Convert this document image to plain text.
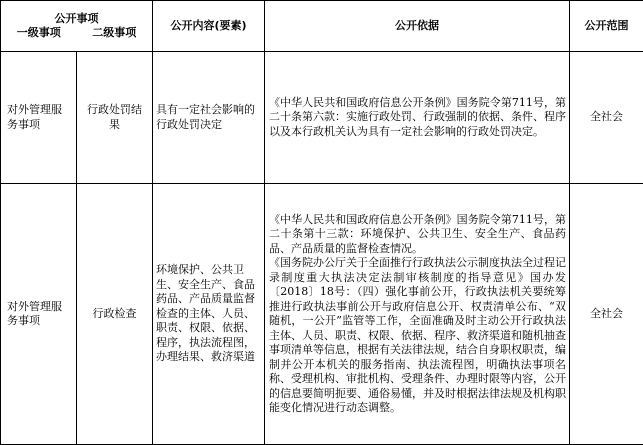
公开事项
一级事项 二级事项		公开内容(要素)	公开依据	公开范围
对外管理服务事项	行政处罚结果	具有一定社会影响的行政处罚决定	《中华人民共和国政府信息公开条例》国务院令第711号，第二十条第六款：实施行政处罚、行政强制的依据、条件、程序以及本行政机关认为具有一定社会影响的行政处罚决定。	全社会
对外管理服务事项	行政检查	环境保护、公共卫生、安全生产、食品药品、产品质量监督检查的主体、人员、职责、权限、依据、程序，执法流程图，办理结果、救济渠道	《中华人民共和国政府信息公开条例》国务院令第711号，第二十条第十三款：环境保护、公共卫生、安全生产、食品药品、产品质量的监督检查情况。
《国务院办公厅关于全面推行行政执法公示制度执法全过程记录制度重大执法决定法制审核制度的指导意见》国办发〔2018〕18号：（四）强化事前公开，行政执法机关要统筹推进行政执法事前公开与政府信息公开、权责清单公布、“双随机，一公开”监管等工作，全面准确及时主动公开行政执法主体、人员、职责、权限、依据、程序、救济渠道和随机抽查事项清单等信息，根据有关法律法规，结合自身职权职责，编制并公开本机关的服务指南、执法流程图，明确执法事项名称、受理机构、审批机构、受理条件、办理时限等内容，公开的信息要简明扼要、通俗易懂，并及时根据法律法规及机构职能变化情况进行动态调整。	全社会
